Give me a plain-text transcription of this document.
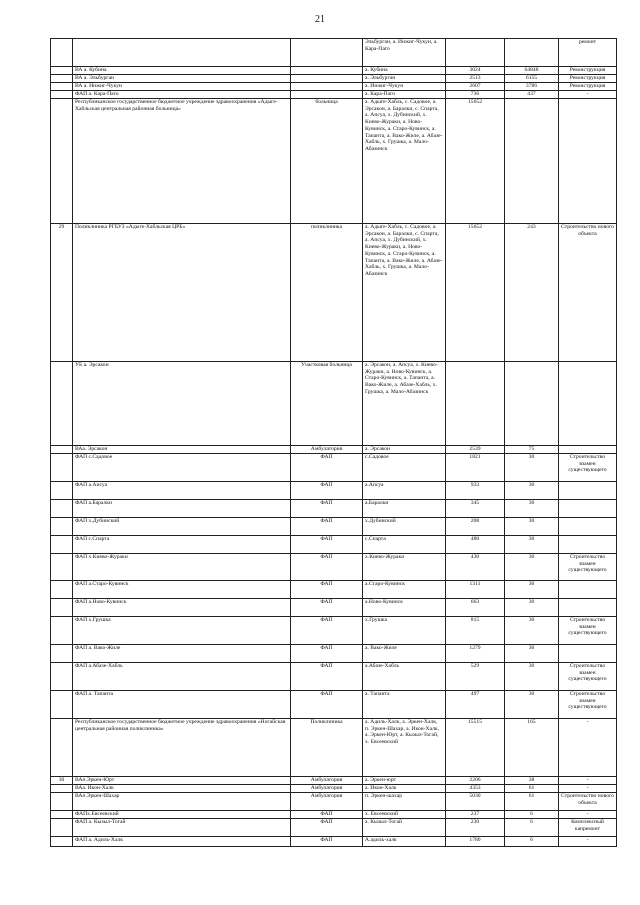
21
			Эльбурган, а. Инжиг-Чукун, а. Кара-Паго			ремонт
	ВА а. Кубина		а. Кубина	3024	64848	Реконструкция
	ВА а. Эльбурган		а. Эльбурган	2513	6155	Реконструкция
	ВА а. Инжиг-Чукун		а. Инжиг-Чукун	2607	3786	Реконструкция
	ФАП а. Кара-Паго		а. Кара-Паго	736	437	-
	Республиканское государственное бюджетное учреждение здравоохранения «Адыге-Хабльская центральная районная больница»	больница	а. Адыге-Хабль, с. Садовое, а. Эрсакон, а. Баралки, с. Спарта, а. Апсуа, х. Дубинский, х. Киево-Жураки, а. Ново-Кувинск, а. Старо-Кувинск, а. Тапанта, а. Вако-Жиле, а. Абазе-Хабль, х. Грушка, а. Мало-Абазинск	15652		
29	Поликлиника РГБУЗ «Адыге-Хабльская ЦРБ»	поликлиника	а. Адыге-Хабль, с. Садовое, а. Эрсакон, а. Баралки, с. Спарта, а. Апсуа, х. Дубинский, х. Киево-Жураки, а. Ново-Кувинск, а. Старо-Кувинск, а. Тапанта, а. Вако-Жиле, а. Абазе-Хабль, х. Грушка, а. Мало-Абазинск	15652	243	Строительство нового объекта
	УБ а. Эрсакон	Участковая больница	а. Эрсакон, а. Апсуа, х. Киево-Жураки, а. Ново-Кувинск, а. Старо-Кувинск, а. Тапанта, а. Вако-Жиле, а. Абазе-Хабль, х. Грушка, а. Мало-Абазинск			
	ВАа. Эрсакон	Амбулатория	а. Эрсакон	2539	75	
	ФАП с.Садовое	ФАП	с.Садовое	1821	30	Строительство взамен существующего
	ФАП а.Апсуа	ФАП	а.Апсуа	933	30	
	ФАП а.Баралки	ФАП	а.Баралки	345	30	
	ФАП х.Дубинский	ФАП	х.Дубинский	208	30	
	ФАП с.Спарта	ФАП	с.Спарта	480	30	
	ФАП х.Киево-Жураки	ФАП	х.Киево-Жураки	430	30	Строительство взамен существующего
	ФАП а.Старо-Кувинск	ФАП	а.Старо-Кувинск	1311	30	
	ФАП а.Ново-Кувинск	ФАП	а.Ново-Кувинск	663	30	
	ФАП х.Грушка	ФАП	х.Грушка	815	30	Строительство взамен существующего
	ФАП а. Вако-Жиле	ФАП	а. Вако-Жиле	1279	30	
	ФАП а.Абазе-Хабль	ФАП	а.Абазе-Хабль	529	30	Строительство взамен существующего
	ФАП а. Тапанта	ФАП	а. Тапанта	497	30	Строительство взамен существующего
	Республиканское государственное бюджетное учреждение здравоохранения «Ногайская центральная районная поликлиника»	Поликлиника	а. Адиль-Халк, а. Эркен-Халк, п. Эркен-Шахар, а. Икон-Халк, а. Эркен-Юрт, а. Кызыл-Тогай, х. Евсеевский	15515	165	-
30	ВАп.Эркен-Юрт	Амбулатория	а. Эркен-юрт	2206	38	-
	ВАа. Икон-Халк	Амбулатория	а. Икон-Халк	4353	61	-
	ВАп.Эркен-Шахар	Амбулатория	п. Эркен-шахар	5030	61	Строительство нового объекта
	ФАПх.Евсеевский	ФАП	х. Евсеевский	237	6	-
	ФАП а. Кызыл-Тогай	ФАП	а. Кызыл-Тогай	230	6	Комплексный капремонт
	ФАП а. Адиль-Халк	ФАП	А.адиль-халк	1780	6	-
